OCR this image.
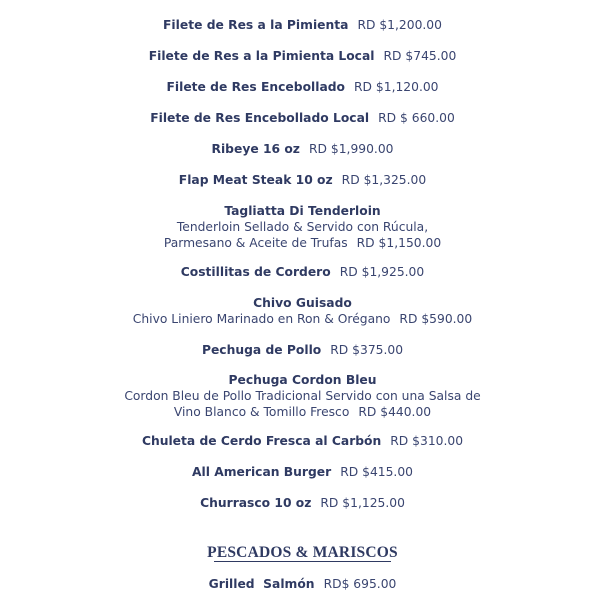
Filete de Res a la Pimienta RD $1,200.00
Filete de Res a la Pimienta Local RD $745.00
Filete de Res Encebollado RD $1,120.00
Filete de Res Encebollado Local RD $ 660.00
Ribeye 16 oz RD $1,990.00
Flap Meat Steak 10 oz RD $1,325.00
Tagliatta Di Tenderloin
Tenderloin Sellado & Servido con Rúcula,
Parmesano & Aceite de Trufas RD $1,150.00
Costillitas de Cordero RD $1,925.00
Chivo Guisado
Chivo Liniero Marinado en Ron & Orégano RD $590.00
Pechuga de Pollo RD $375.00
Pechuga Cordon Bleu
Cordon Bleu de Pollo Tradicional Servido con una Salsa de
Vino Blanco & Tomillo Fresco RD $440.00
Chuleta de Cerdo Fresca al Carbón RD $310.00
All American Burger RD $415.00
Churrasco 10 oz RD $1,125.00
PESCADOS & MARISCOS
Grilled  Salmón RD$ 695.00
